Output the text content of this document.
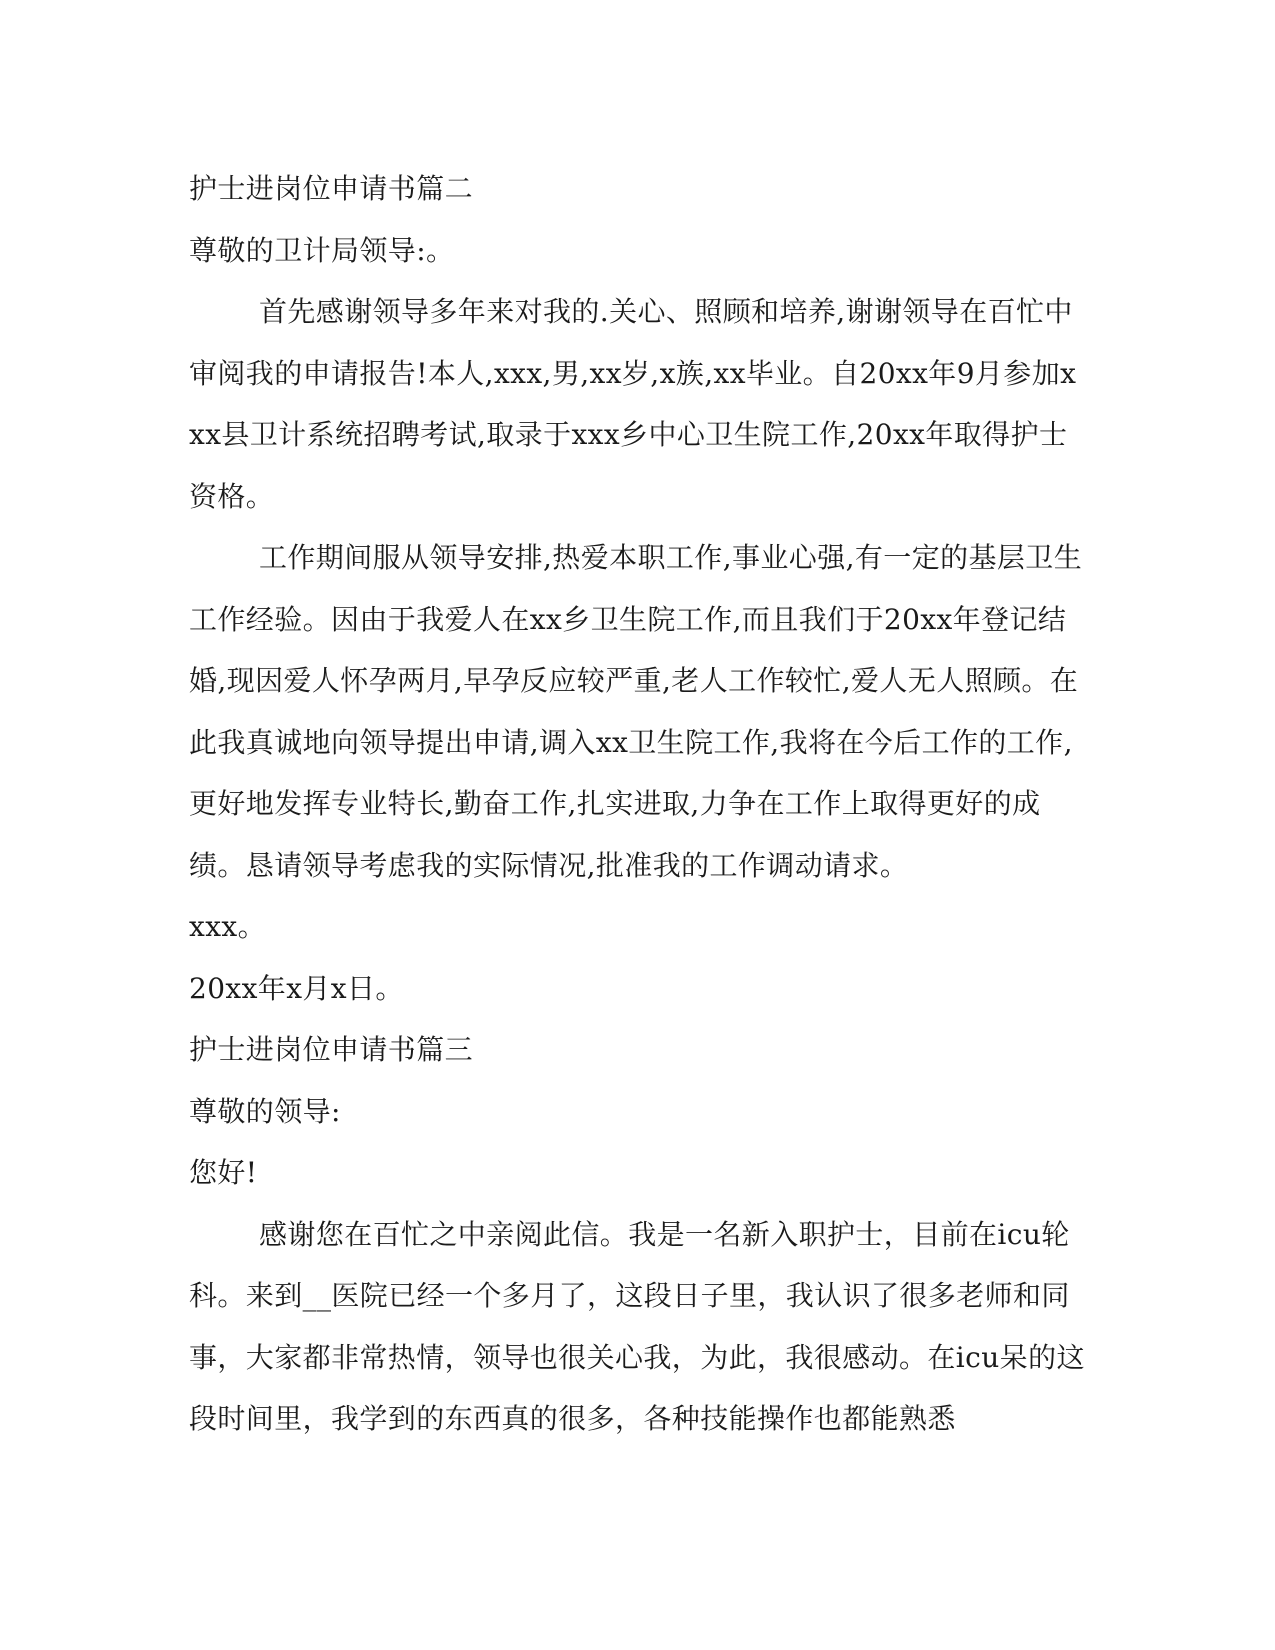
护士进岗位申请书篇二

尊敬的卫计局领导:。

首先感谢领导多年来对我的.关心、照顾和培养,谢谢领导在百忙中审阅我的申请报告!本人,xxx,男,xx岁,x族,xx毕业。自20xx年9月参加xxx县卫计系统招聘考试,取录于xxx乡中心卫生院工作,20xx年取得护士资格。

工作期间服从领导安排,热爱本职工作,事业心强,有一定的基层卫生工作经验。因由于我爱人在xx乡卫生院工作,而且我们于20xx年登记结婚,现因爱人怀孕两月,早孕反应较严重,老人工作较忙,爱人无人照顾。在此我真诚地向领导提出申请,调入xx卫生院工作,我将在今后工作的工作,更好地发挥专业特长,勤奋工作,扎实进取,力争在工作上取得更好的成绩。恳请领导考虑我的实际情况,批准我的工作调动请求。

xxx。

20xx年x月x日。

护士进岗位申请书篇三

尊敬的领导:

您好!

感谢您在百忙之中亲阅此信。我是一名新入职护士，目前在icu轮科。来到__医院已经一个多月了，这段日子里，我认识了很多老师和同事，大家都非常热情，领导也很关心我，为此，我很感动。在icu呆的这段时间里，我学到的东西真的很多，各种技能操作也都能熟悉
